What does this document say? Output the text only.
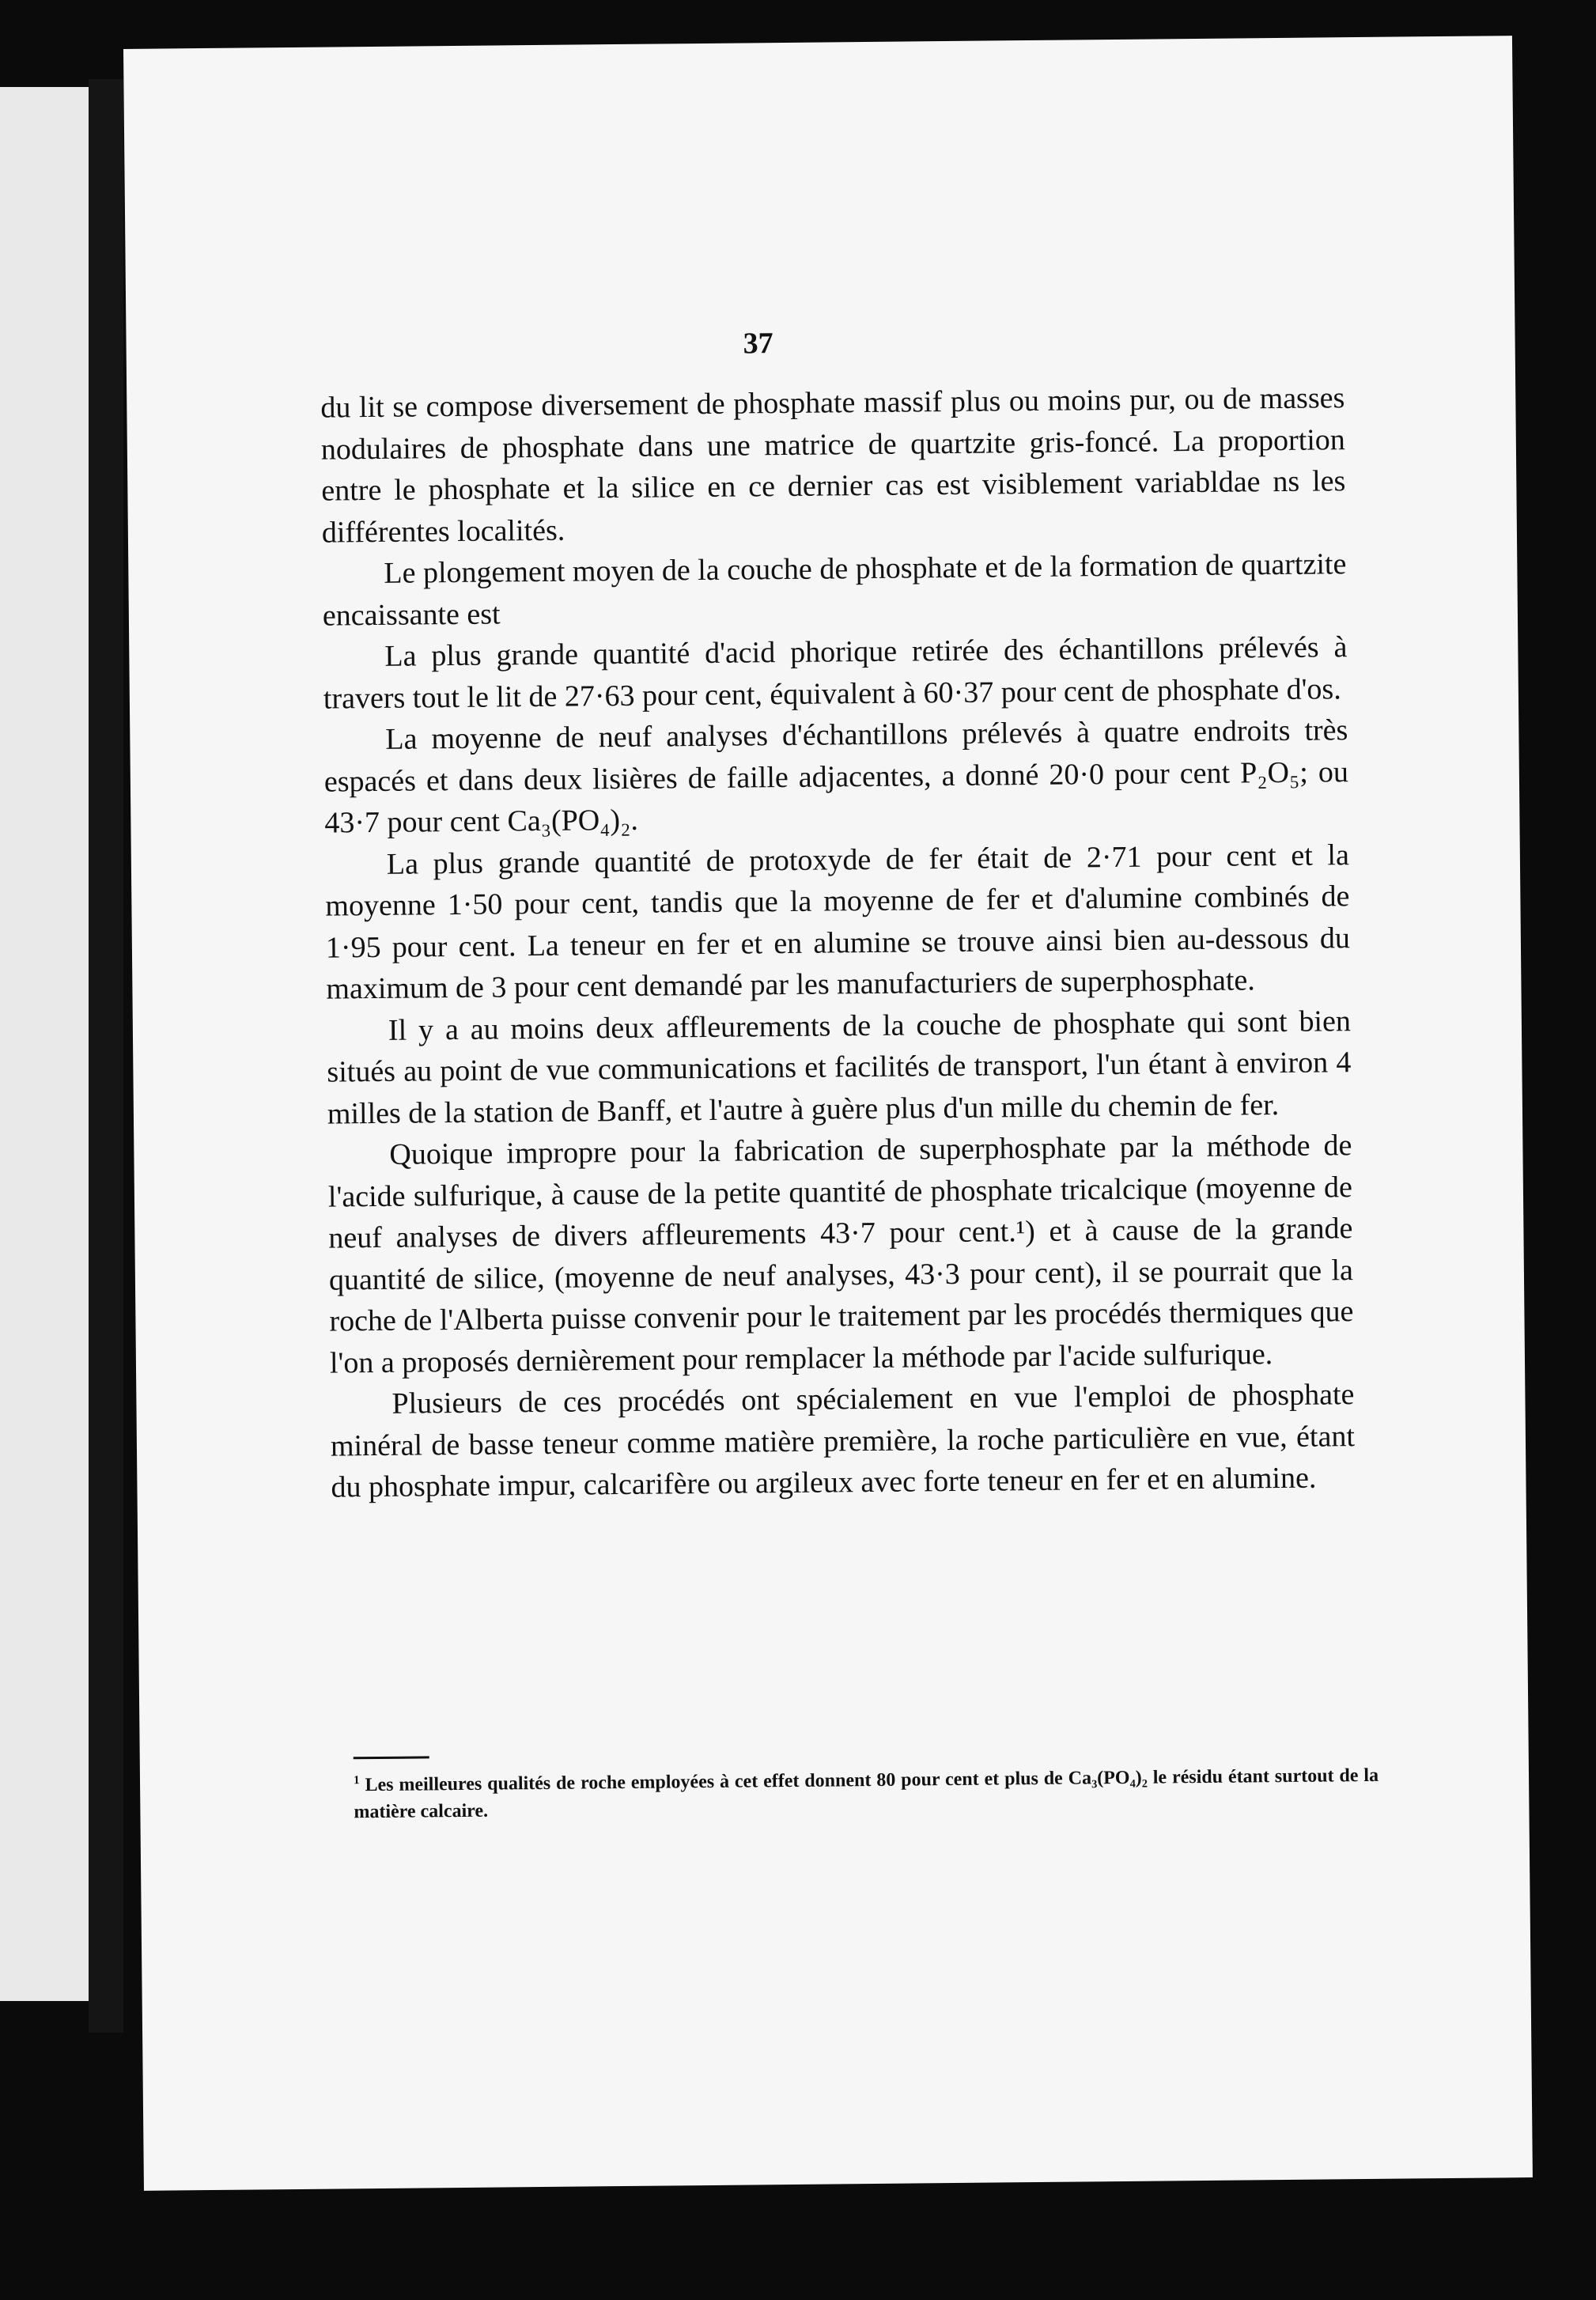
37

du lit se compose diversement de phosphate massif plus ou moins pur, ou de masses nodulaires de phosphate dans une matrice de quartzite gris-foncé. La proportion entre le phosphate et la silice en ce dernier cas est visiblement variabldae ns les différentes localités.

Le plongement moyen de la couche de phosphate et de la formation de quartzite encaissante est

La plus grande quantité d'acid phorique retirée des échantillons prélevés à travers tout le lit de 27·63 pour cent, équivalent à 60·37 pour cent de phosphate d'os.

La moyenne de neuf analyses d'échantillons prélevés à quatre endroits très espacés et dans deux lisières de faille adjacentes, a donné 20·0 pour cent P₂O₅; ou 43·7 pour cent Ca₃(PO₄)₂.

La plus grande quantité de protoxyde de fer était de 2·71 pour cent et la moyenne 1·50 pour cent, tandis que la moyenne de fer et d'alumine combinés de 1·95 pour cent. La teneur en fer et en alumine se trouve ainsi bien au-dessous du maximum de 3 pour cent demandé par les manufacturiers de superphosphate.

Il y a au moins deux affleurements de la couche de phosphate qui sont bien situés au point de vue communications et facilités de transport, l'un étant à environ 4 milles de la station de Banff, et l'autre à guère plus d'un mille du chemin de fer.

Quoique impropre pour la fabrication de superphosphate par la méthode de l'acide sulfurique, à cause de la petite quantité de phosphate tricalcique (moyenne de neuf analyses de divers affleurements 43·7 pour cent.¹) et à cause de la grande quantité de silice, (moyenne de neuf analyses, 43·3 pour cent), il se pourrait que la roche de l'Alberta puisse convenir pour le traitement par les procédés thermiques que l'on a proposés dernièrement pour remplacer la méthode par l'acide sulfurique.

Plusieurs de ces procédés ont spécialement en vue l'emploi de phosphate minéral de basse teneur comme matière première, la roche particulière en vue, étant du phosphate impur, calcarifère ou argileux avec forte teneur en fer et en alumine.

$^1$ Les meilleures qualités de roche employées à cet effet donnent 80 pour cent et plus de Ca₃(PO₄)₂ le résidu étant surtout de la matière calcaire.
